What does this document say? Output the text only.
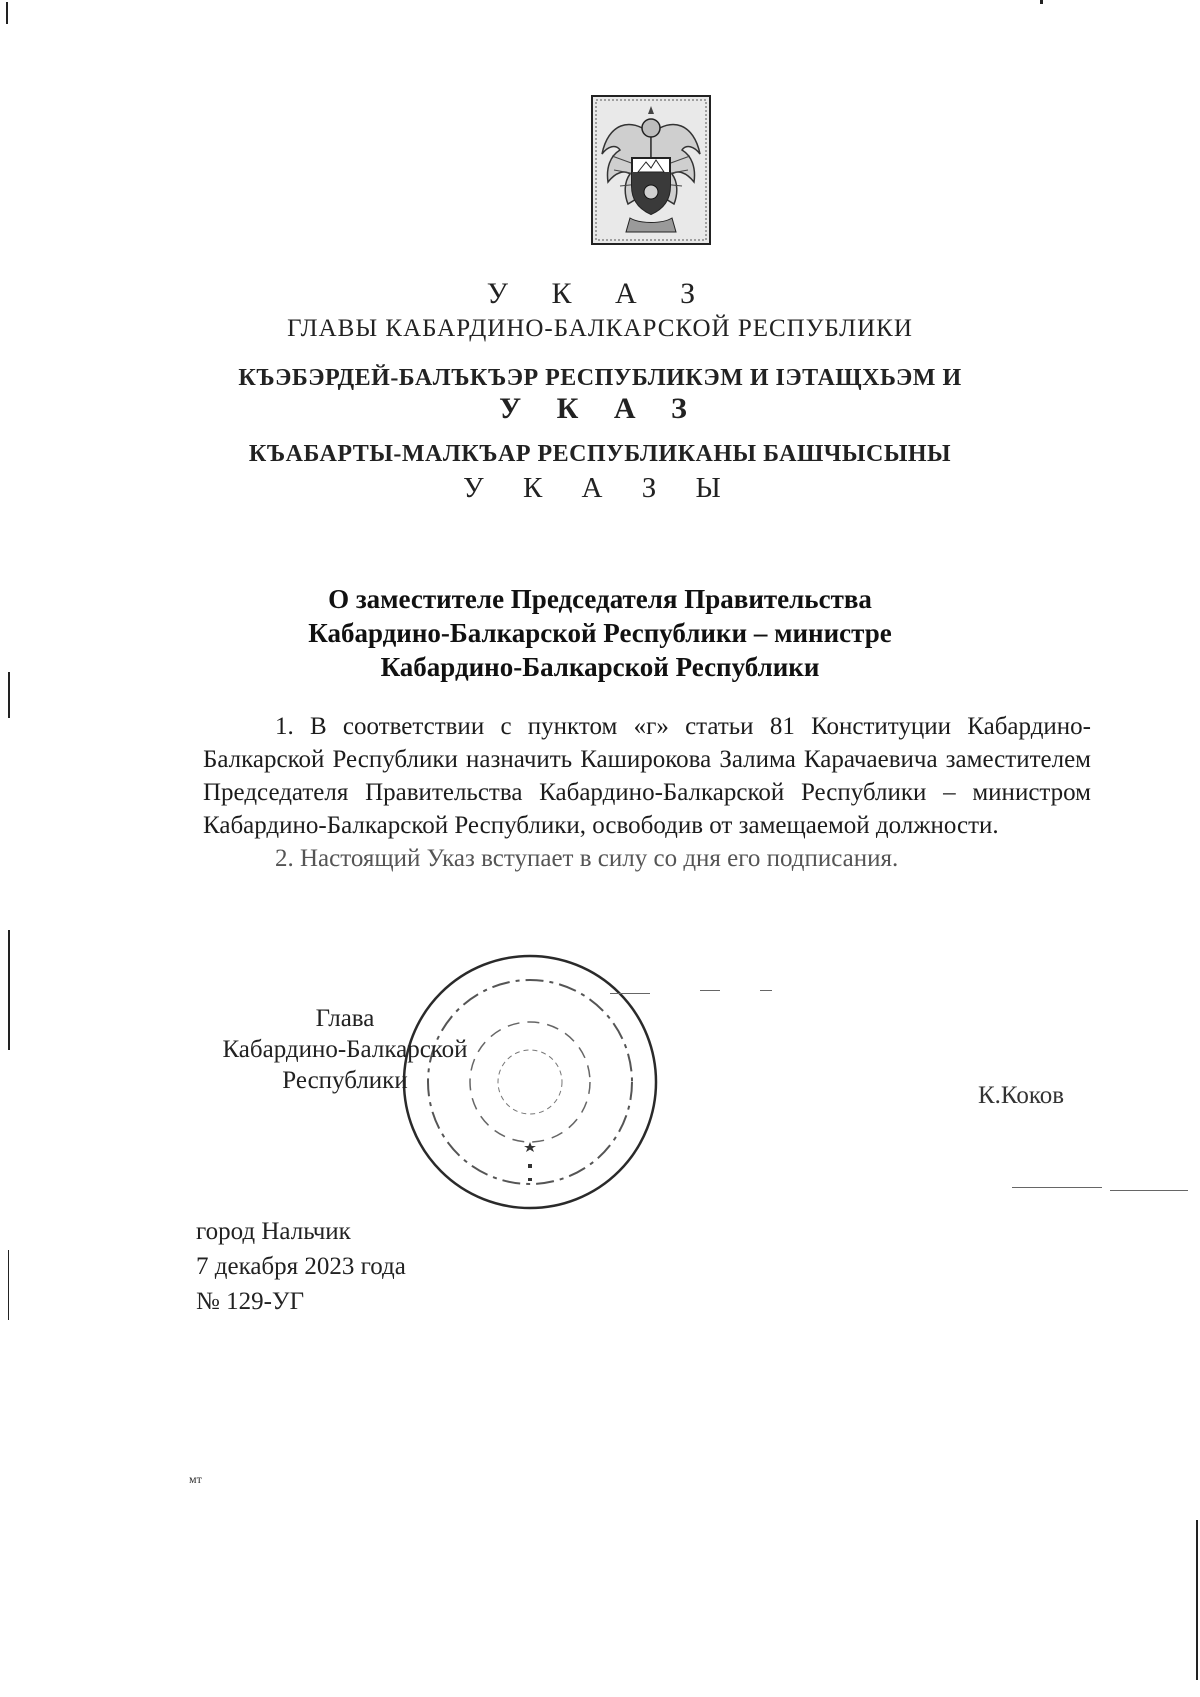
У К А З
ГЛАВЫ КАБАРДИНО-БАЛКАРСКОЙ РЕСПУБЛИКИ
КЪЭБЭРДЕЙ-БАЛЪКЪЭР РЕСПУБЛИКЭМ И IЭТАЩХЬЭМ И
У К А З
КЪАБАРТЫ-МАЛКЪАР РЕСПУБЛИКАНЫ БАШЧЫСЫНЫ
У К А З Ы
О заместителе Председателя Правительства
Кабардино-Балкарской Республики – министре
Кабардино-Балкарской Республики

1. В соответствии с пунктом «г» статьи 81 Конституции Кабардино-Балкарской Республики назначить Каширокова Залима Карачаевича заместителем Председателя Правительства Кабардино-Балкарской Республики – министром Кабардино-Балкарской Республики, освободив от замещаемой должности.

2. Настоящий Указ вступает в силу со дня его подписания.

Глава
Кабардино-Балкарской
Республики
К.Коков
город Нальчик
7 декабря 2023 года
№ 129-УГ
мт
